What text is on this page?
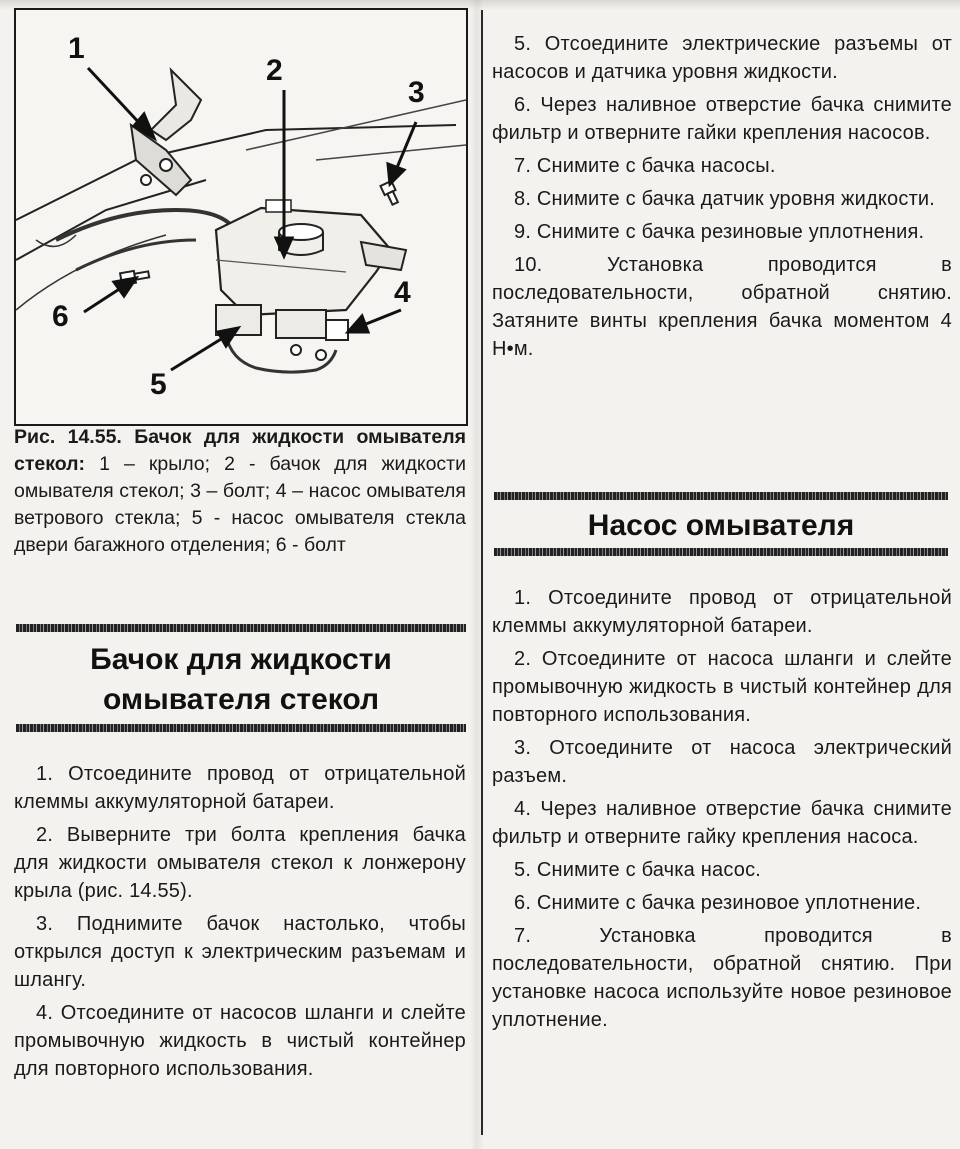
1
2
3
4
5
6
Рис. 14.55. Бачок для жидкости омывателя стекол: 1 – крыло; 2 - бачок для жидкости омывателя стекол; 3 – болт; 4 – насос омывателя ветрового стекла; 5 - насос омывателя стекла двери багажного отделения; 6 - болт
Бачок для жидкости
омывателя стекол

1. Отсоедините провод от отрицательной клеммы аккумуляторной батареи.

2. Выверните три болта крепления бачка для жидкости омывателя стекол к лонжерону крыла (рис. 14.55).

3. Поднимите бачок настолько, чтобы открылся доступ к электрическим разъемам и шлангу.

4. Отсоедините от насосов шланги и слейте промывочную жидкость в чистый контейнер для повторного использования.

5. Отсоедините электрические разъемы от насосов и датчика уровня жидкости.

6. Через наливное отверстие бачка снимите фильтр и отверните гайки крепления насосов.

7. Снимите с бачка насосы.

8. Снимите с бачка датчик уровня жидкости.

9. Снимите с бачка резиновые уплотнения.

10. Установка проводится в последовательности, обратной снятию. Затяните винты крепления бачка моментом 4 Н•м.

Насос омывателя

1. Отсоедините провод от отрицательной клеммы аккумуляторной батареи.

2. Отсоедините от насоса шланги и слейте промывочную жидкость в чистый контейнер для повторного использования.

3. Отсоедините от насоса электрический разъем.

4. Через наливное отверстие бачка снимите фильтр и отверните гайку крепления насоса.

5. Снимите с бачка насос.

6. Снимите с бачка резиновое уплотнение.

7. Установка проводится в последовательности, обратной снятию. При установке насоса используйте новое резиновое уплотнение.
